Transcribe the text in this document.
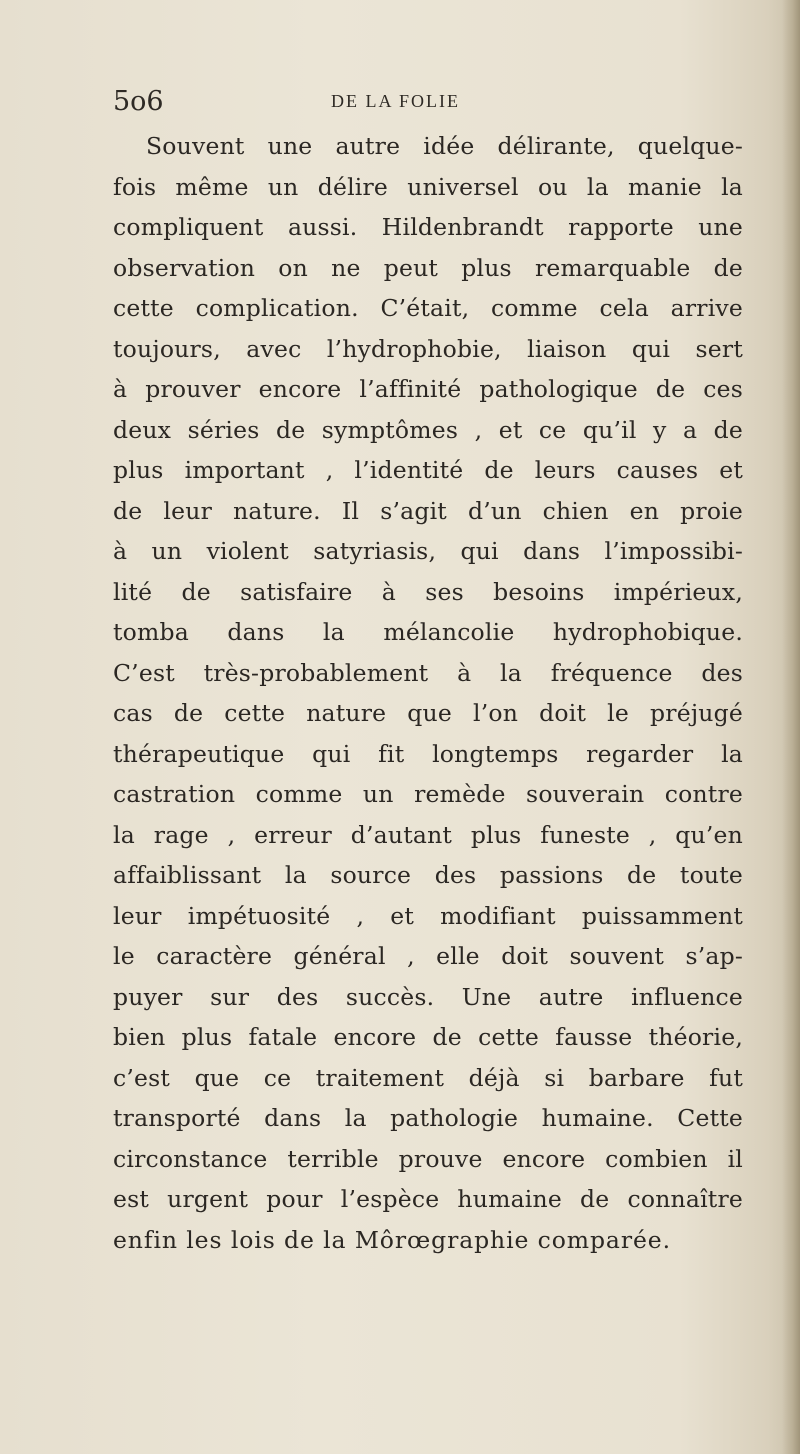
5o6	DE LA FOLIE
Souvent une autre idée délirante, quelque-
fois même un délire universel ou la manie la
compliquent aussi. Hildenbrandt rapporte une
observation on ne peut plus remarquable de
cette complication. C’était, comme cela arrive
toujours, avec l’hydrophobie, liaison qui sert
à prouver encore l’affinité pathologique de ces
deux séries de symptômes , et ce qu’il y a de
plus important , l’identité de leurs causes et
de leur nature. Il s’agit d’un chien en proie
à un violent satyriasis, qui dans l’impossibi-
lité de satisfaire à ses besoins impérieux,
tomba dans la mélancolie hydrophobique.
C’est très-probablement à la fréquence des
cas de cette nature que l’on doit le préjugé
thérapeutique qui fit longtemps regarder la
castration comme un remède souverain contre
la rage , erreur d’autant plus funeste , qu’en
affaiblissant la source des passions de toute
leur impétuosité , et modifiant puissamment
le caractère général , elle doit souvent s’ap-
puyer sur des succès. Une autre influence
bien plus fatale encore de cette fausse théorie,
c’est que ce traitement déjà si barbare fut
transporté dans la pathologie humaine. Cette
circonstance terrible prouve encore combien il
est urgent pour l’espèce humaine de connaître
enfin les lois de la Môrœgraphie comparée.
